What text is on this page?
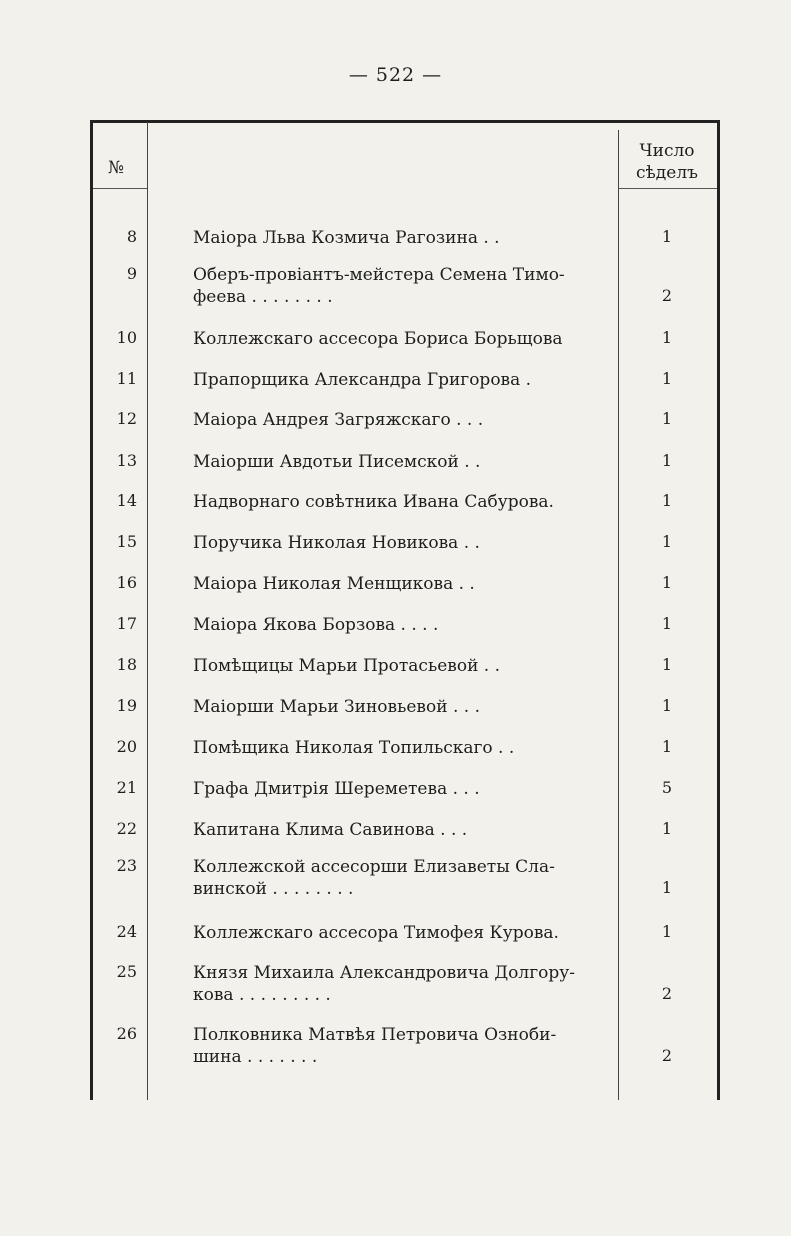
— 522 —
№
Число
сѣделъ
8	Маіора Льва Козмича Рагозина . .	1
9	Оберъ-провіантъ-мейстера Семена Тимо-
феева . . . . . . . .	2
10	Коллежскаго ассесора Бориса Борьщова	1
11	Прапорщика Александра Григорова .	1
12	Маіора Андрея Загряжскаго . . .	1
13	Маіорши Авдотьи Писемской . .	1
14	Надворнаго совѣтника Ивана Сабурова.	1
15	Поручика Николая Новикова . .	1
16	Маіора Николая Менщикова . .	1
17	Маіора Якова Борзова . . . .	1
18	Помѣщицы Марьи Протасьевой . .	1
19	Маіорши Марьи Зиновьевой . . .	1
20	Помѣщика Николая Топильскаго . .	1
21	Графа Дмитрія Шереметева . . .	5
22	Капитана Клима Савинова . . .	1
23	Коллежской ассесорши Елизаветы Сла-
винской . . . . . . . .	1
24	Коллежскаго ассесора Тимофея Курова.	1
25	Князя Михаила Александровича Долгору-
кова . . . . . . . . .	2
26	Полковника Матвѣя Петровича Озноби-
шина . . . . . . .	2
